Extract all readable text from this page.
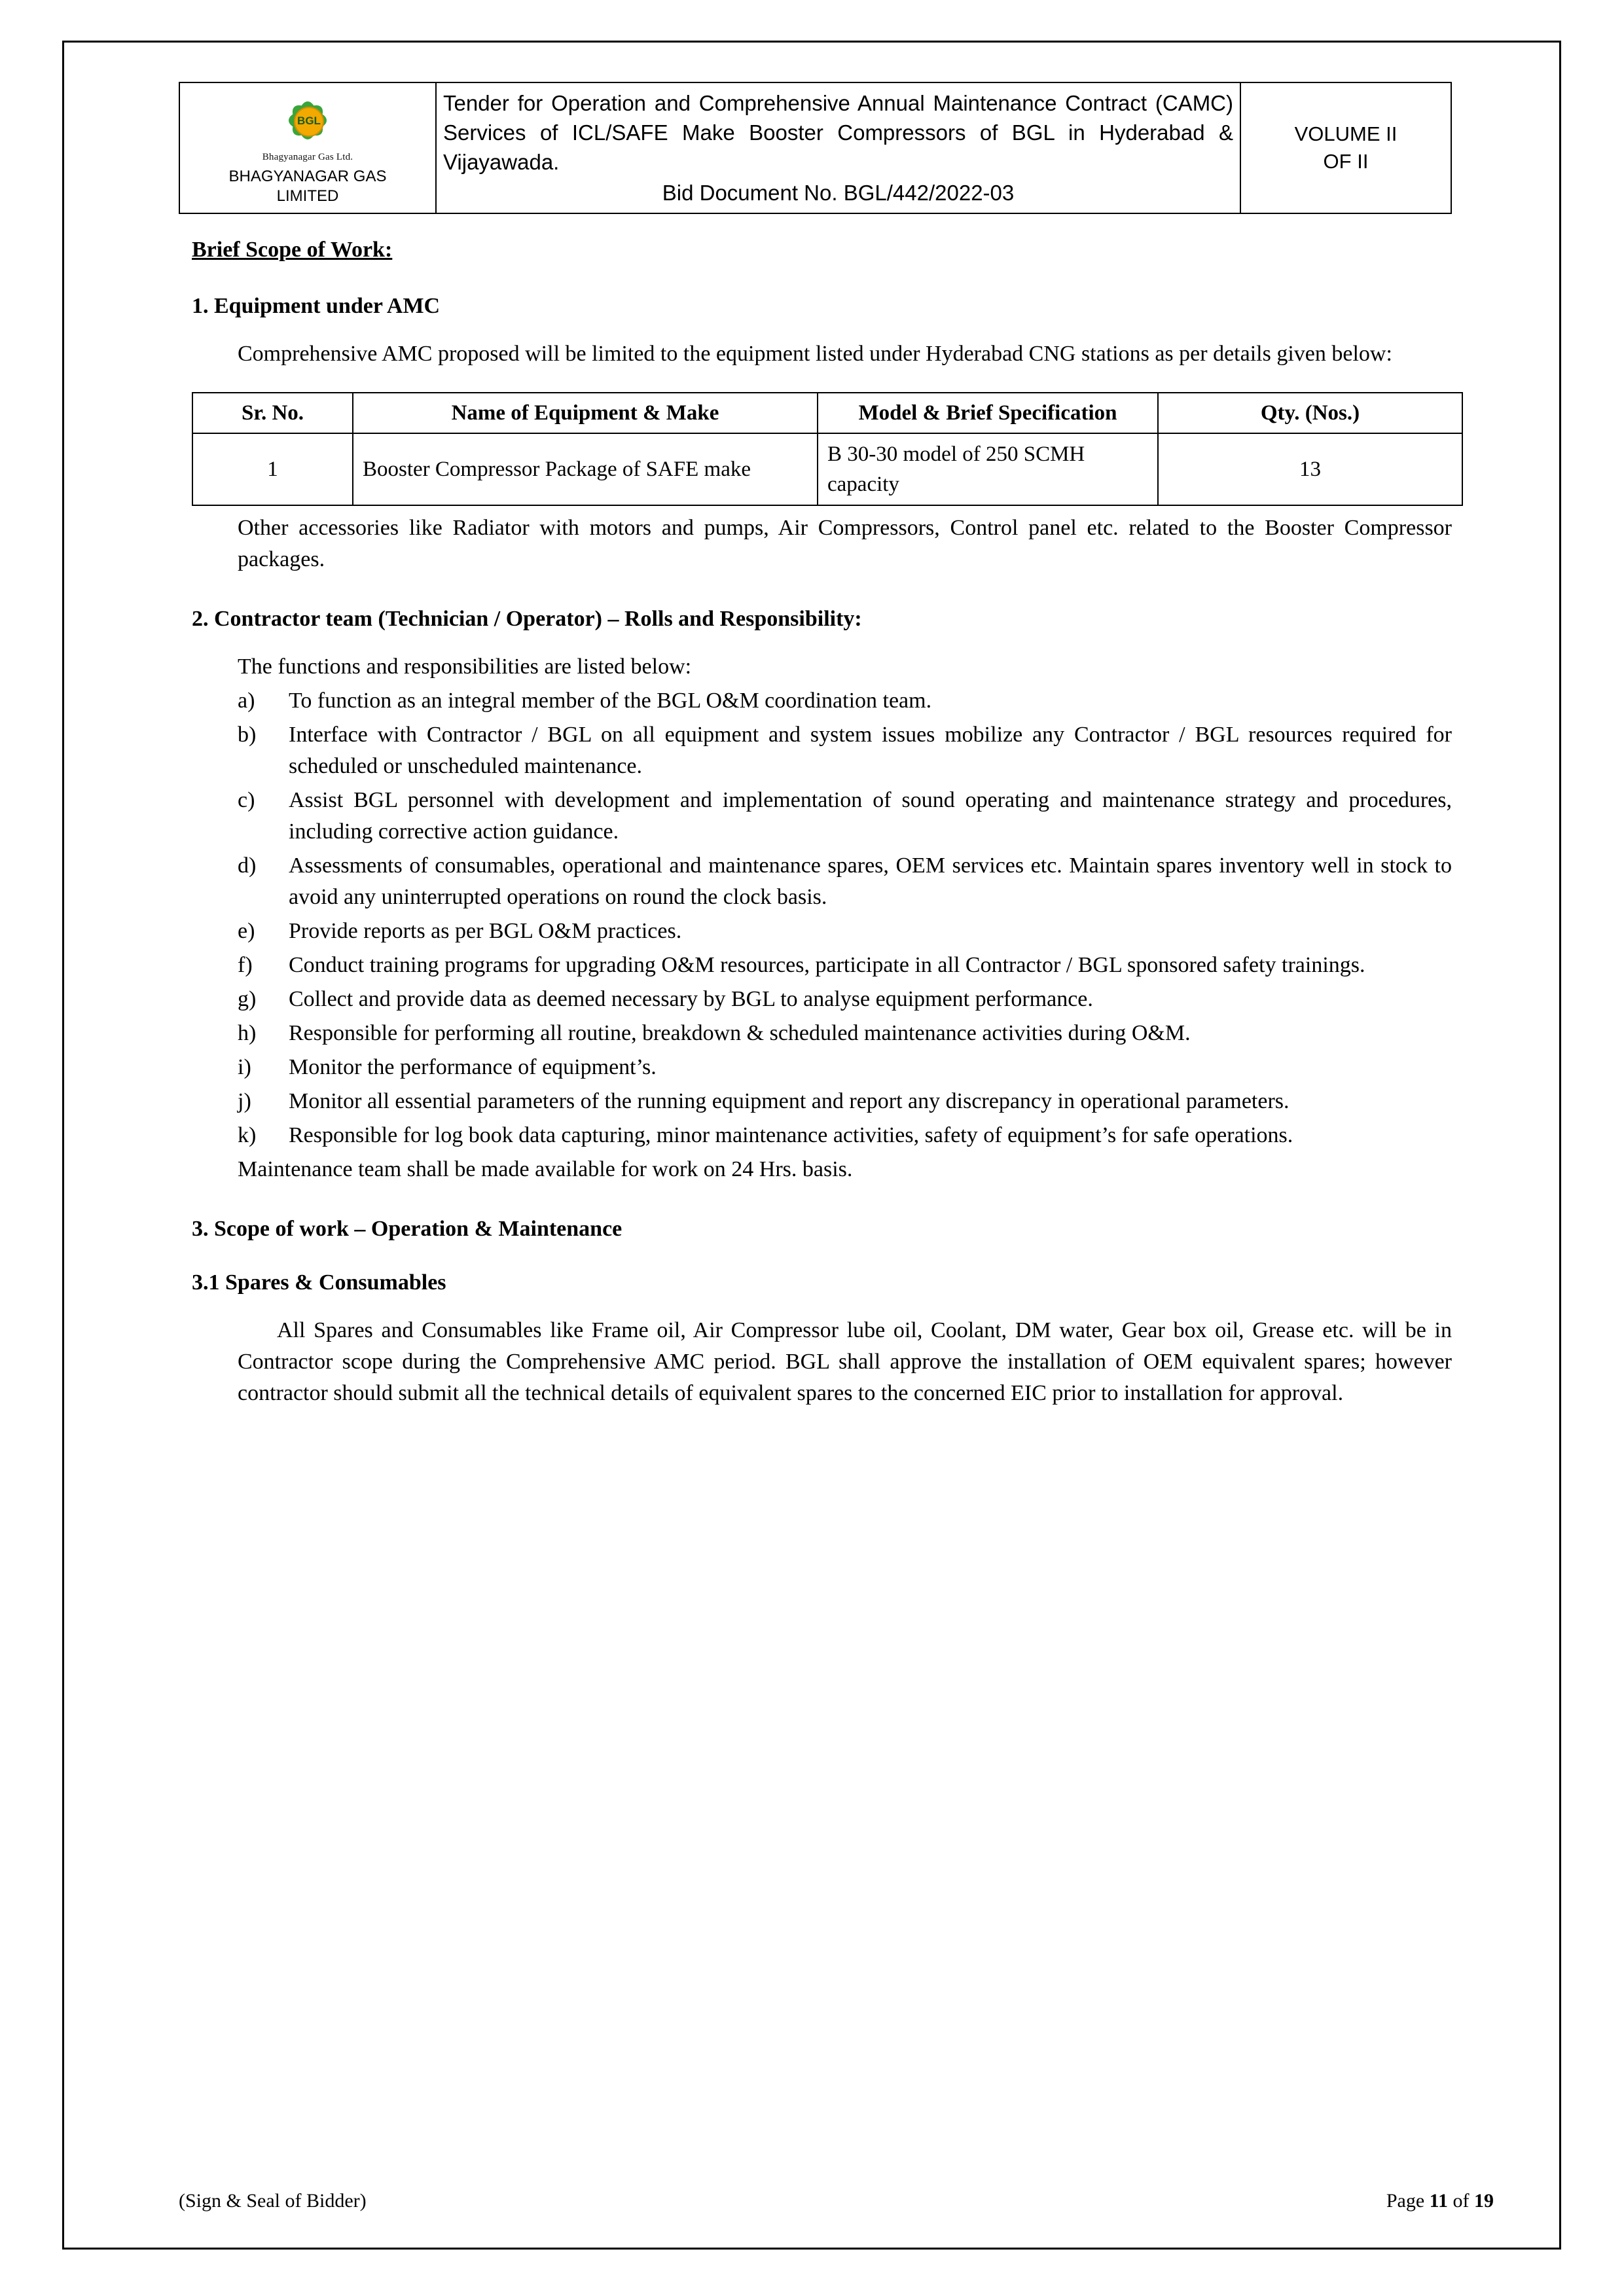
BGL
Bhagyanagar Gas Ltd.
BHAGYANAGAR GAS
LIMITED
	Tender for Operation and Comprehensive Annual Maintenance Contract (CAMC) Services of ICL/SAFE Make Booster Compressors of BGL in Hyderabad & Vijayawada.
Bid Document No. BGL/442/2022-03
	VOLUME II
OF II
Brief Scope of Work:
1. Equipment under AMC

Comprehensive AMC proposed will be limited to the equipment listed under Hyderabad CNG stations as per details given below:

Sr. No.	Name of Equipment & Make	Model & Brief Specification	Qty. (Nos.)
1	Booster Compressor Package of SAFE make	B 30-30 model of 250 SCMH capacity	13

Other accessories like Radiator with motors and pumps, Air Compressors, Control panel etc. related to the Booster Compressor packages.

2. Contractor team (Technician / Operator) – Rolls and Responsibility:

The functions and responsibilities are listed below:

a)	To function as an integral member of the BGL O&M coordination team.
b)	Interface with Contractor / BGL on all equipment and system issues mobilize any Contractor / BGL resources required for scheduled or unscheduled maintenance.
c)	Assist BGL personnel with development and implementation of sound operating and maintenance strategy and procedures, including corrective action guidance.
d)	Assessments of consumables, operational and maintenance spares, OEM services etc. Maintain spares inventory well in stock to avoid any uninterrupted operations on round the clock basis.
e)	Provide reports as per BGL O&M practices.
f)	Conduct training programs for upgrading O&M resources, participate in all Contractor / BGL sponsored safety trainings.
g)	Collect and provide data as deemed necessary by BGL to analyse equipment performance.
h)	Responsible for performing all routine, breakdown & scheduled maintenance activities during O&M.
i)	Monitor the performance of equipment’s.
j)	Monitor all essential parameters of the running equipment and report any discrepancy in operational parameters.
k)	Responsible for log book data capturing, minor maintenance activities, safety of equipment’s for safe operations.
Maintenance team shall be made available for work on 24 Hrs. basis.
3. Scope of work – Operation & Maintenance
3.1 Spares & Consumables

All Spares and Consumables like Frame oil, Air Compressor lube oil, Coolant, DM water, Gear box oil, Grease etc. will be in Contractor scope during the Comprehensive AMC period. BGL shall approve the installation of OEM equivalent spares; however contractor should submit all the technical details of equivalent spares to the concerned EIC prior to installation for approval.

(Sign & Seal of Bidder)	Page 11 of 19
